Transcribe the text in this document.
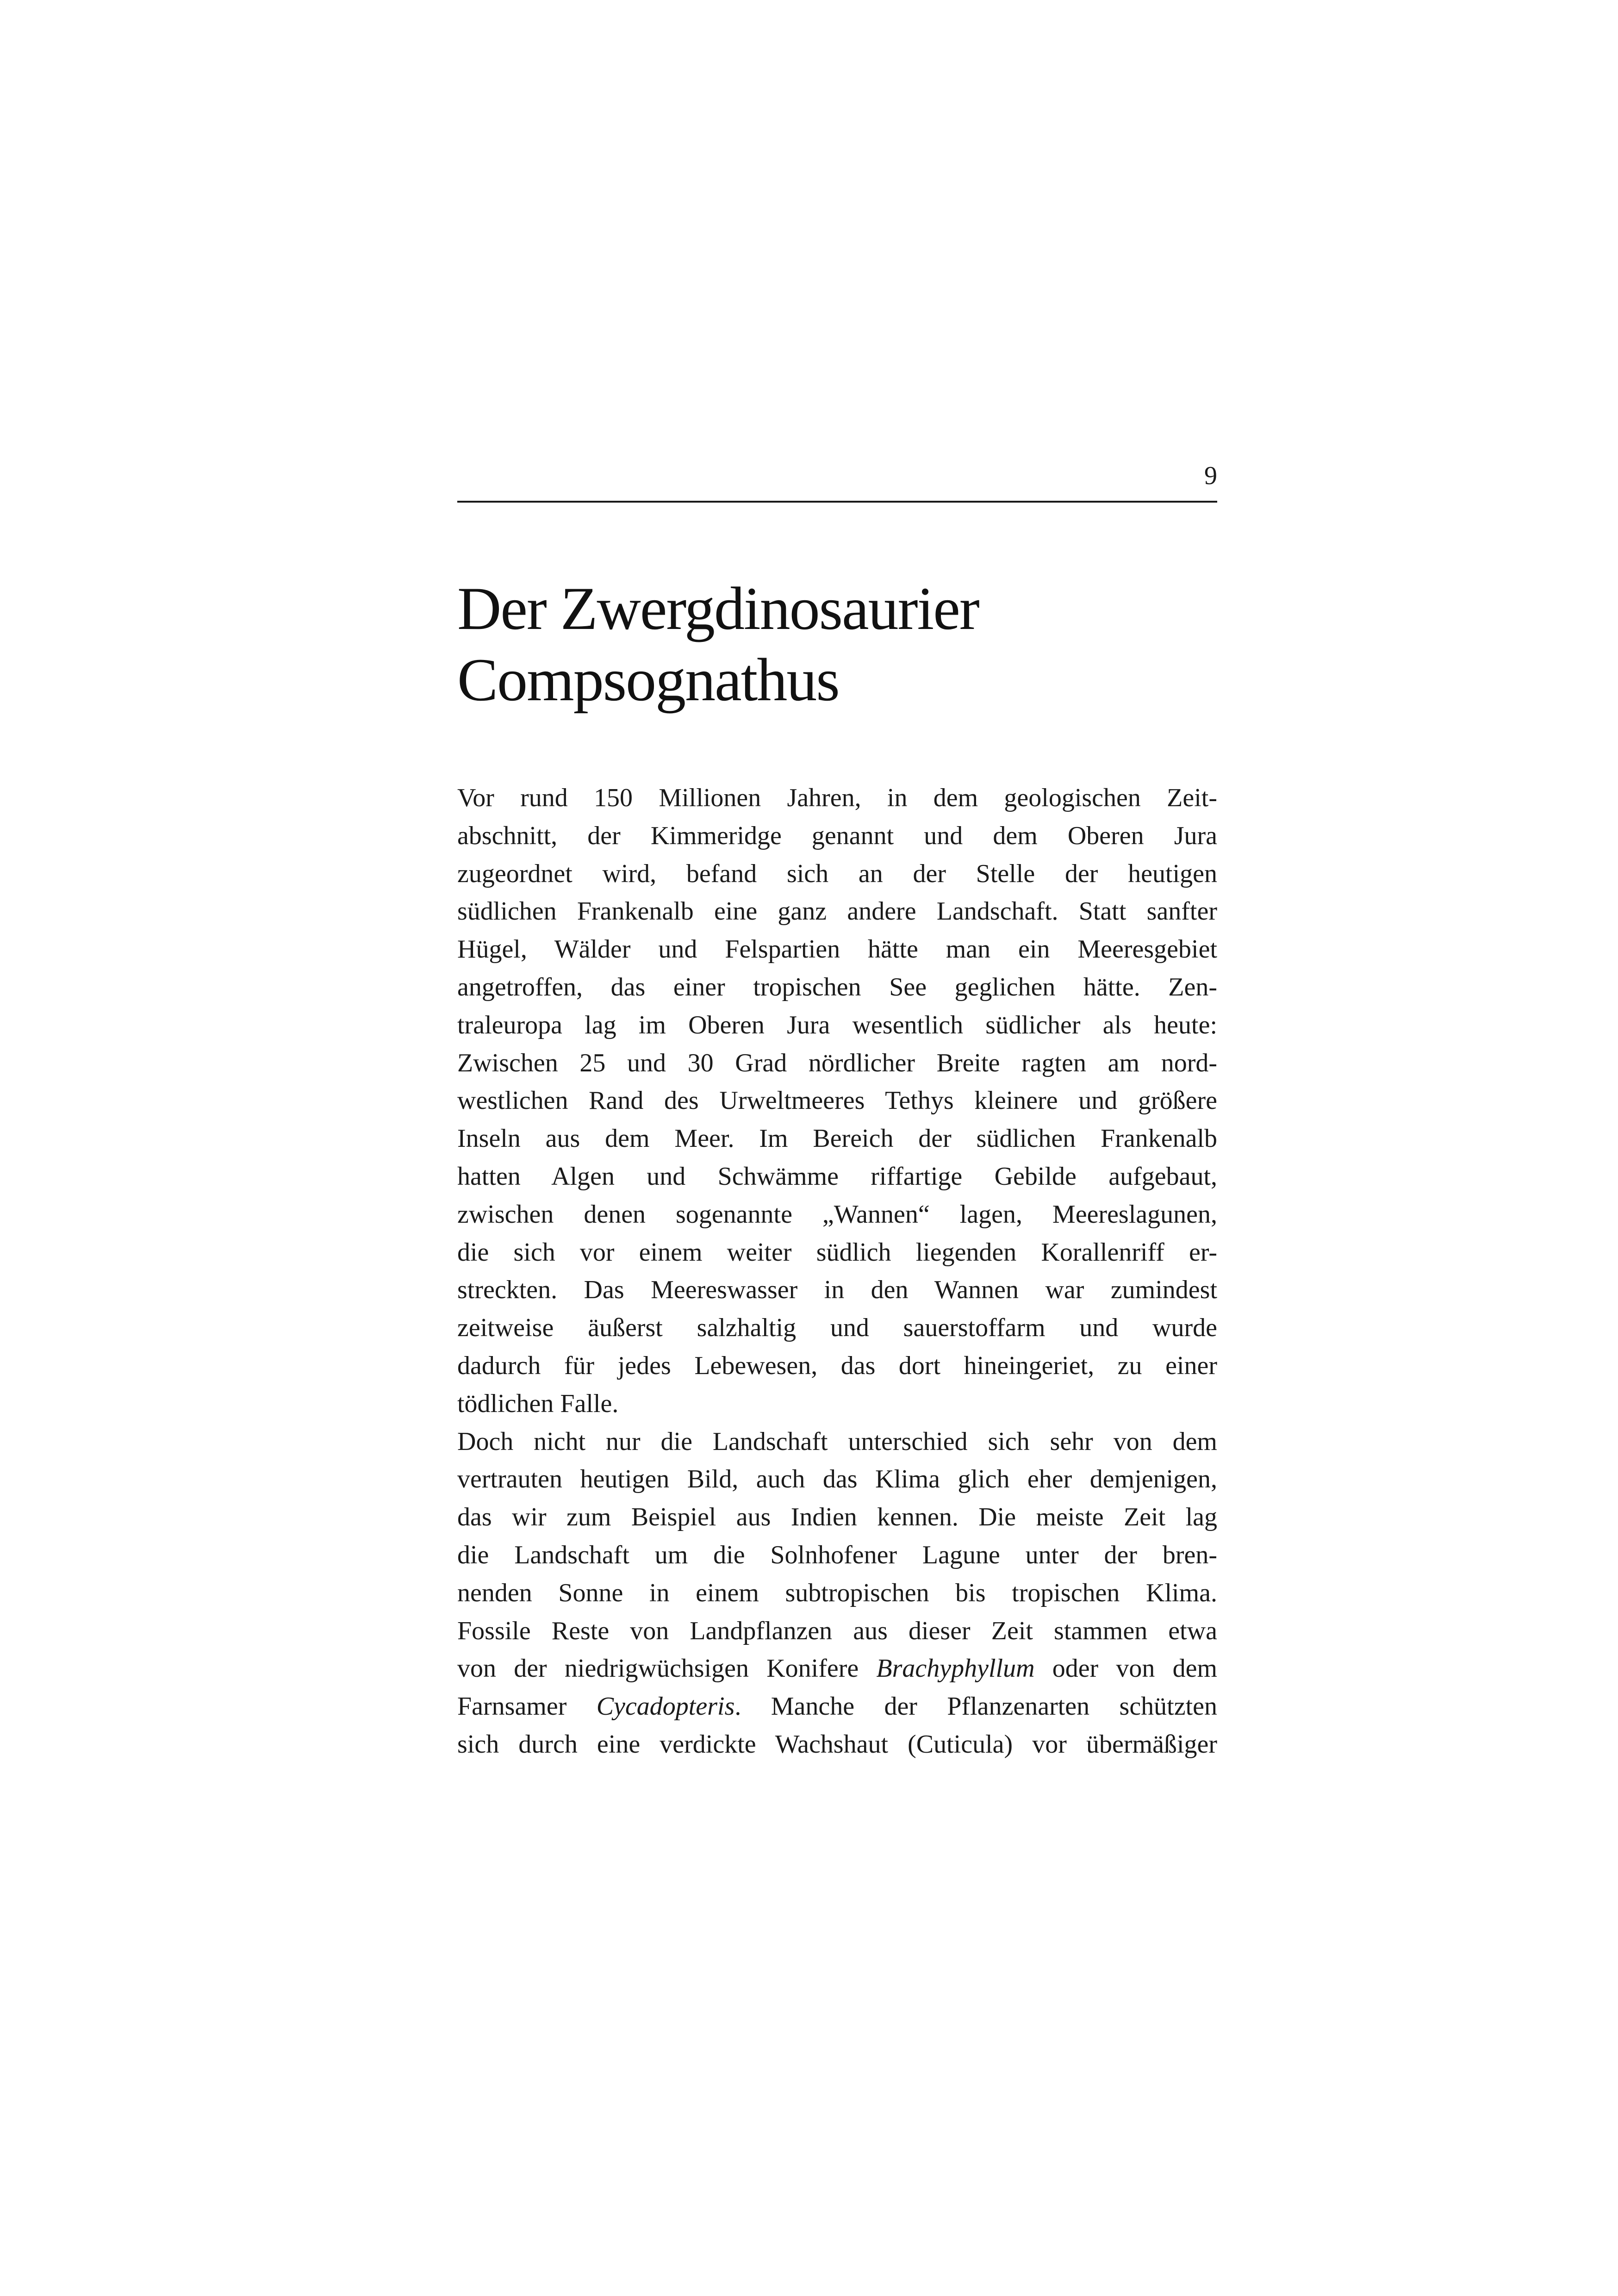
9
Der Zwergdinosaurier
Compsognathus
Vor rund 150 Millionen Jahren, in dem geologischen Zeit-
abschnitt, der Kimmeridge genannt und dem Oberen Jura
zugeordnet wird, befand sich an der Stelle der heutigen
südlichen Frankenalb eine ganz andere Landschaft. Statt sanfter
Hügel, Wälder und Felspartien hätte man ein Meeresgebiet
angetroffen, das einer tropischen See geglichen hätte. Zen-
traleuropa lag im Oberen Jura wesentlich südlicher als heute:
Zwischen 25 und 30 Grad nördlicher Breite ragten am nord-
westlichen Rand des Urweltmeeres Tethys kleinere und größere
Inseln aus dem Meer. Im Bereich der südlichen Frankenalb
hatten Algen und Schwämme riffartige Gebilde aufgebaut,
zwischen denen sogenannte „Wannen“ lagen, Meereslagunen,
die sich vor einem weiter südlich liegenden Korallenriff er-
streckten. Das Meereswasser in den Wannen war zumindest
zeitweise äußerst salzhaltig und sauerstoffarm und wurde
dadurch für jedes Lebewesen, das dort hineingeriet, zu einer
tödlichen Falle.
Doch nicht nur die Landschaft unterschied sich sehr von dem
vertrauten heutigen Bild, auch das Klima glich eher demjenigen,
das wir zum Beispiel aus Indien kennen. Die meiste Zeit lag
die Landschaft um die Solnhofener Lagune unter der bren-
nenden Sonne in einem subtropischen bis tropischen Klima.
Fossile Reste von Landpflanzen aus dieser Zeit stammen etwa
von der niedrigwüchsigen Konifere Brachyphyllum oder von dem
Farnsamer Cycadopteris. Manche der Pflanzenarten schützten
sich durch eine verdickte Wachshaut (Cuticula) vor übermäßiger
